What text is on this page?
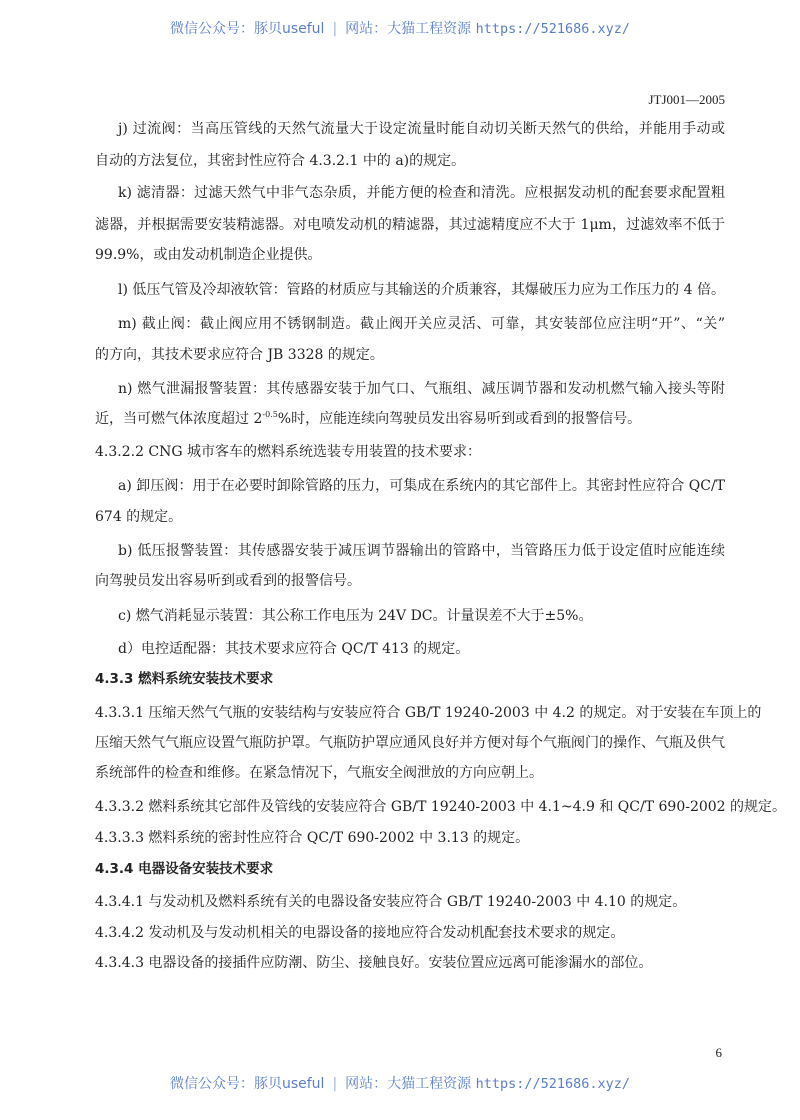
微信公众号：豚贝useful | 网站：大猫工程资源 https://521686.xyz/
JTJ001—2005
j) 过流阀：当高压管线的天然气流量大于设定流量时能自动切关断天然气的供给，并能用手动或
自动的方法复位，其密封性应符合 4.3.2.1 中的 a)的规定。
k) 滤清器：过滤天然气中非气态杂质，并能方便的检查和清洗。应根据发动机的配套要求配置粗
滤器，并根据需要安装精滤器。对电喷发动机的精滤器，其过滤精度应不大于 1μm，过滤效率不低于
99.9%，或由发动机制造企业提供。
l) 低压气管及冷却液软管：管路的材质应与其输送的介质兼容，其爆破压力应为工作压力的 4 倍。
m) 截止阀：截止阀应用不锈钢制造。截止阀开关应灵活、可靠，其安装部位应注明“开”、“关”
的方向，其技术要求应符合 JB 3328 的规定。
n) 燃气泄漏报警装置：其传感器安装于加气口、气瓶组、减压调节器和发动机燃气输入接头等附
近，当可燃气体浓度超过 $2^{-0.5}\%$时，应能连续向驾驶员发出容易听到或看到的报警信号。
4.3.2.2 CNG 城市客车的燃料系统选装专用装置的技术要求：
a) 卸压阀：用于在必要时卸除管路的压力，可集成在系统内的其它部件上。其密封性应符合 QC/T
674 的规定。
b) 低压报警装置：其传感器安装于减压调节器输出的管路中，当管路压力低于设定值时应能连续
向驾驶员发出容易听到或看到的报警信号。
c) 燃气消耗显示装置：其公称工作电压为 24V DC。计量误差不大于±5%。
d）电控适配器：其技术要求应符合 QC/T 413 的规定。
4.3.3 燃料系统安装技术要求
4.3.3.1 压缩天然气气瓶的安装结构与安装应符合 GB/T 19240-2003 中 4.2 的规定。对于安装在车顶上的
压缩天然气气瓶应设置气瓶防护罩。气瓶防护罩应通风良好并方便对每个气瓶阀门的操作、气瓶及供气
系统部件的检查和维修。在紧急情况下，气瓶安全阀泄放的方向应朝上。
4.3.3.2 燃料系统其它部件及管线的安装应符合 GB/T 19240-2003 中 4.1~4.9 和 QC/T 690-2002 的规定。
4.3.3.3 燃料系统的密封性应符合 QC/T 690-2002 中 3.13 的规定。
4.3.4 电器设备安装技术要求
4.3.4.1 与发动机及燃料系统有关的电器设备安装应符合 GB/T 19240-2003 中 4.10 的规定。
4.3.4.2 发动机及与发动机相关的电器设备的接地应符合发动机配套技术要求的规定。
4.3.4.3 电器设备的接插件应防潮、防尘、接触良好。安装位置应远离可能渗漏水的部位。
6
微信公众号：豚贝useful | 网站：大猫工程资源 https://521686.xyz/
